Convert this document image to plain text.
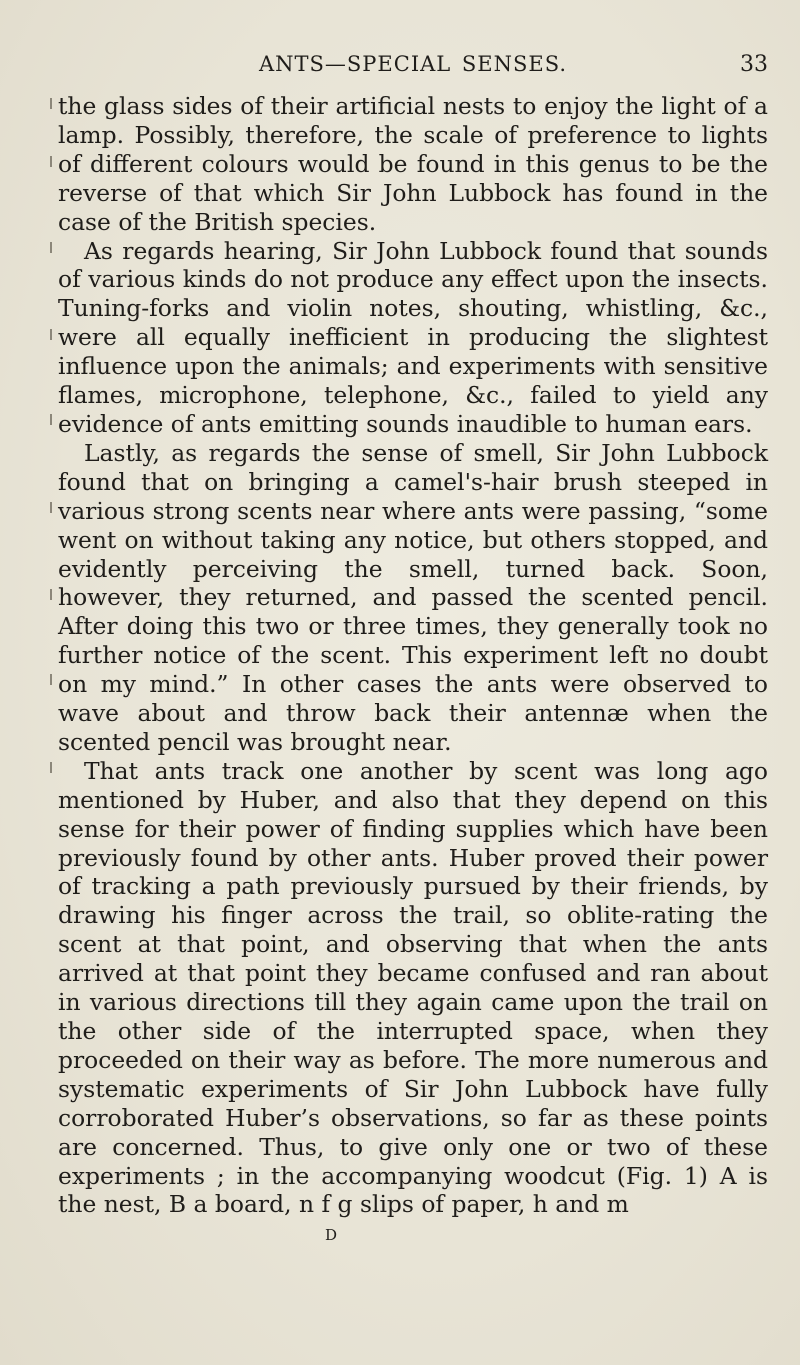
ANTS—SPECIAL SENSES.	33

the glass sides of their artificial nests to enjoy the light of a lamp. Possibly, therefore, the scale of preference to lights of different colours would be found in this genus to be the reverse of that which Sir John Lubbock has found in the case of the British species.

As regards hearing, Sir John Lubbock found that sounds of various kinds do not produce any effect upon the insects. Tuning-forks and violin notes, shouting, whistling, &c., were all equally inefficient in producing the slightest influence upon the animals; and experiments with sensitive flames, microphone, telephone, &c., failed to yield any evidence of ants emitting sounds inaudible to human ears.

Lastly, as regards the sense of smell, Sir John Lubbock found that on bringing a camel's-hair brush steeped in various strong scents near where ants were passing, “some went on without taking any notice, but others stopped, and evidently perceiving the smell, turned back. Soon, however, they returned, and passed the scented pencil. After doing this two or three times, they generally took no further notice of the scent. This experiment left no doubt on my mind.” In other cases the ants were observed to wave about and throw back their antennæ when the scented pencil was brought near.

That ants track one another by scent was long ago mentioned by Huber, and also that they depend on this sense for their power of finding supplies which have been previously found by other ants. Huber proved their power of tracking a path previously pursued by their friends, by drawing his finger across the trail, so oblite-rating the scent at that point, and observing that when the ants arrived at that point they became confused and ran about in various directions till they again came upon the trail on the other side of the interrupted space, when they proceeded on their way as before. The more numerous and systematic experiments of Sir John Lubbock have fully corroborated Huber’s observations, so far as these points are concerned. Thus, to give only one or two of these experiments ; in the accompanying woodcut (Fig. 1) A is the nest, B a board, n f g slips of paper, h and m

D
